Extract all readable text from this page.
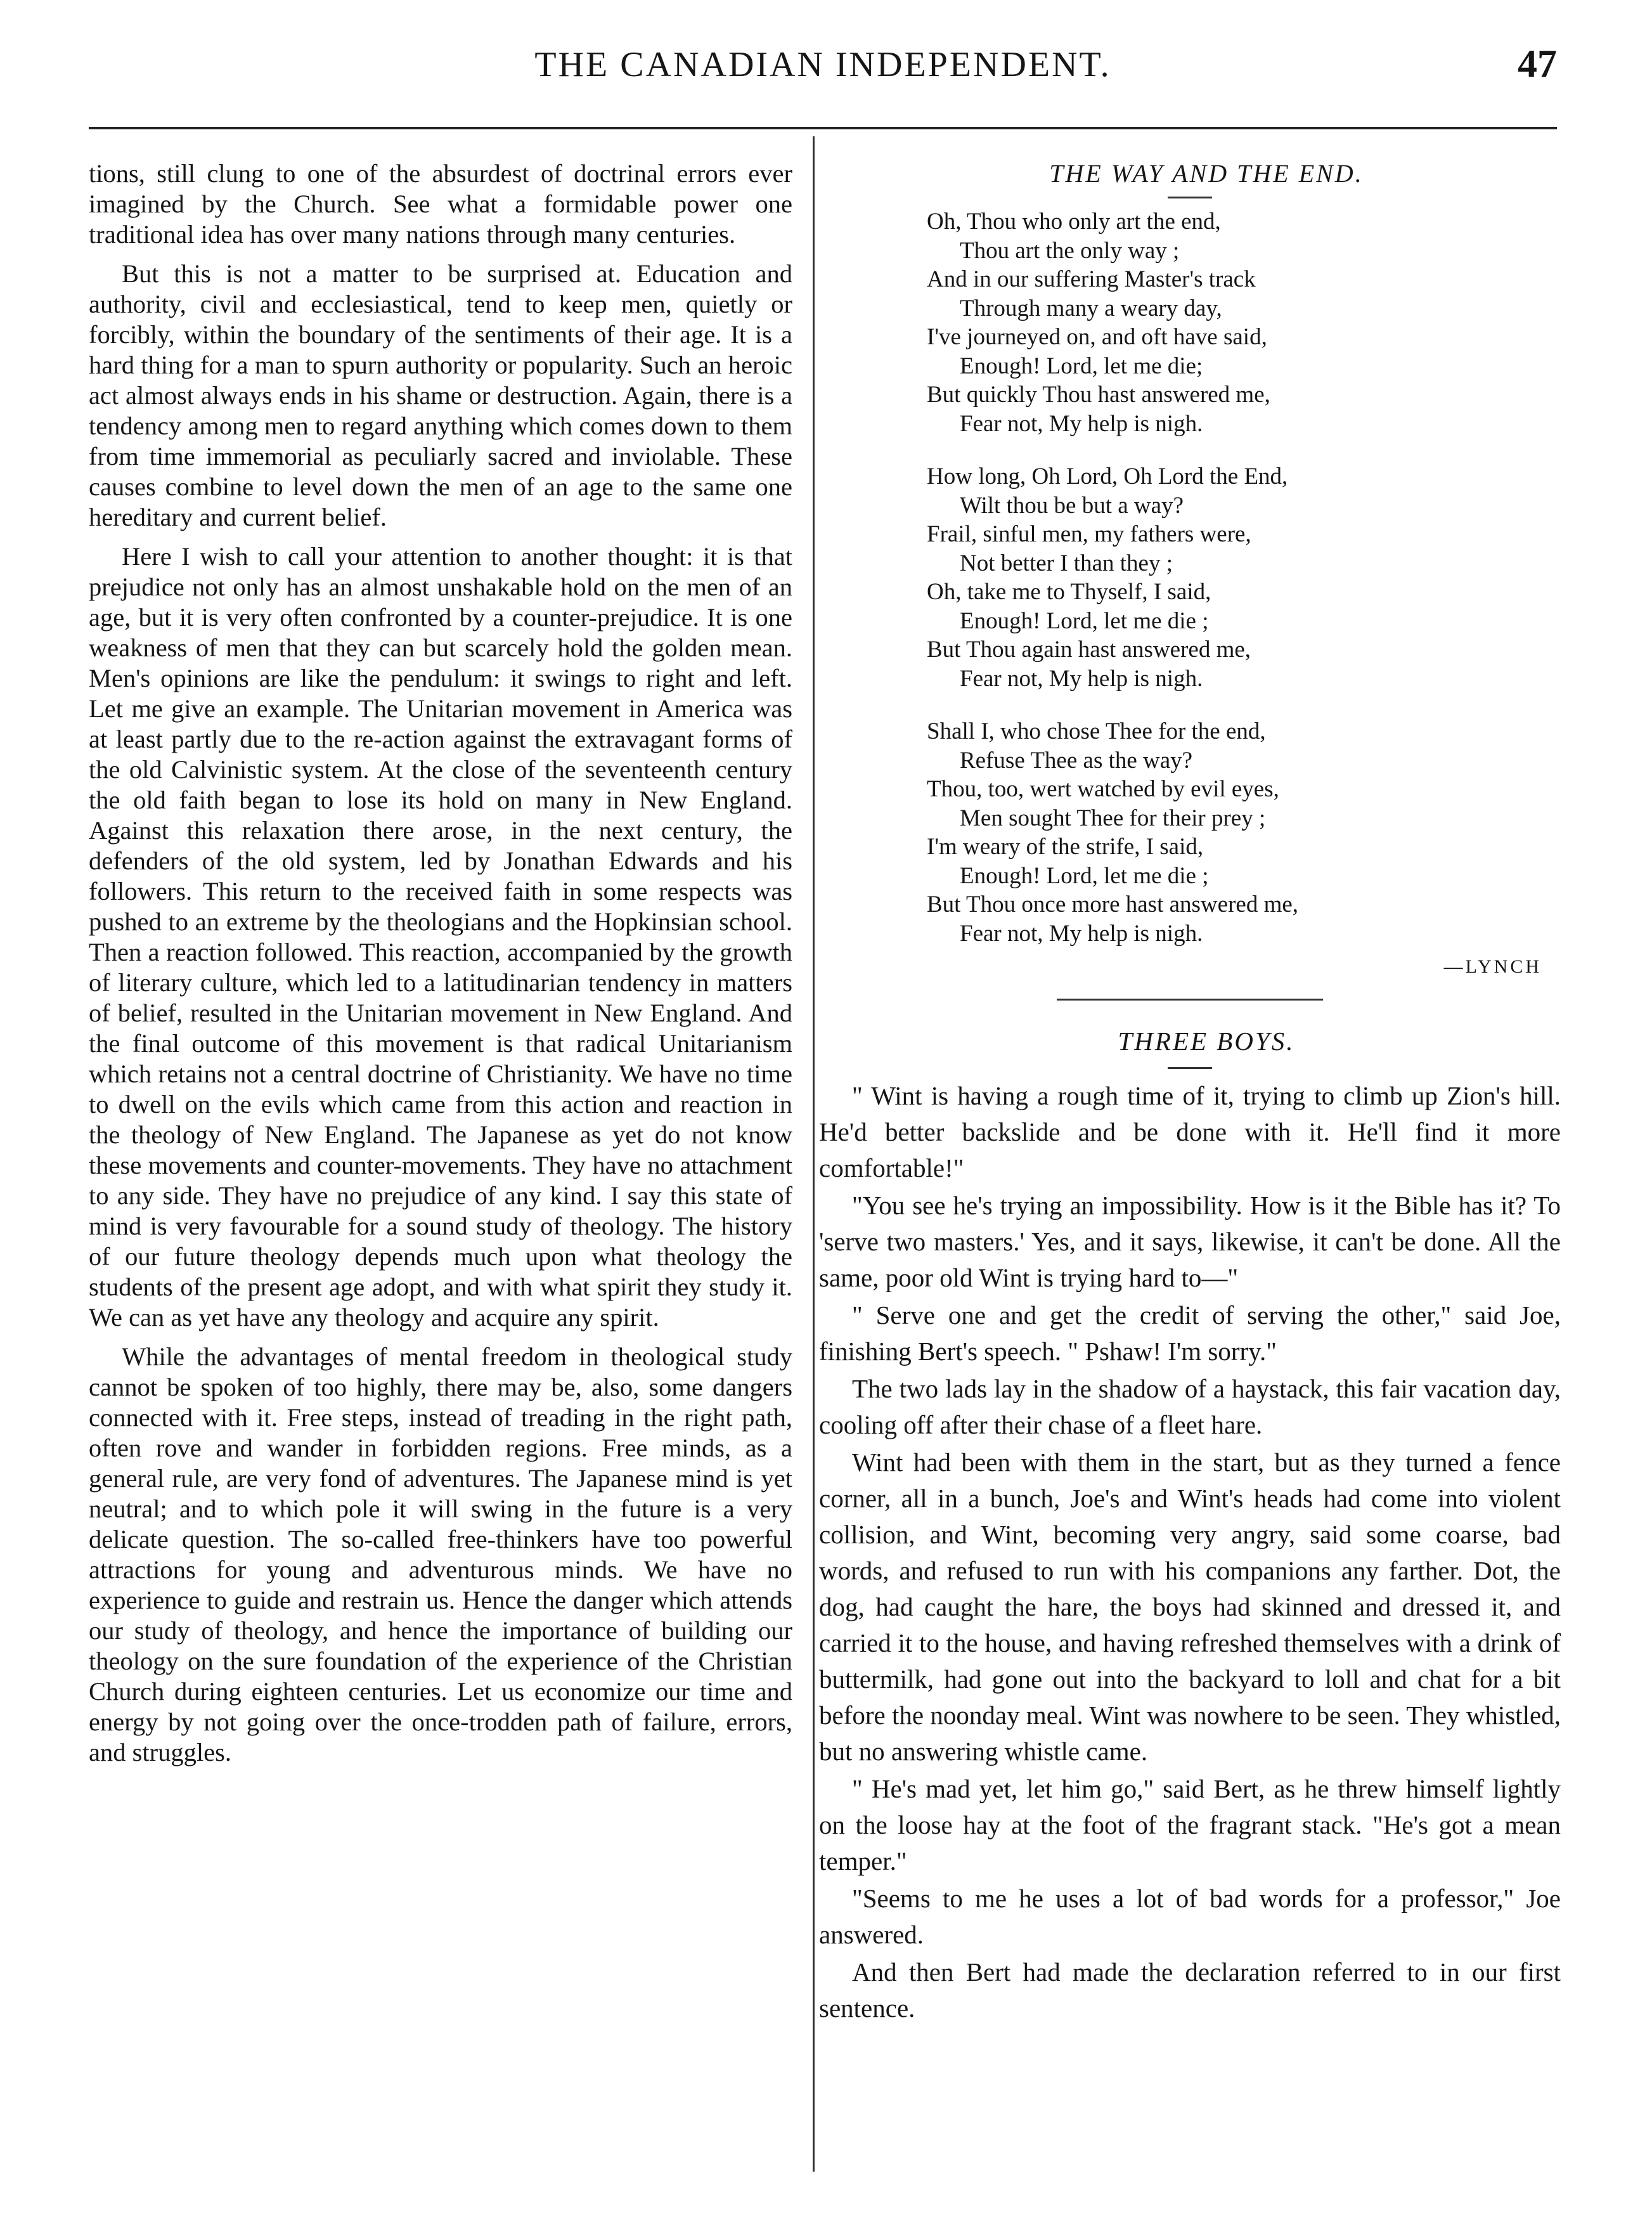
THE CANADIAN INDEPENDENT.	47

tions, still clung to one of the absurdest of doctrinal errors ever imagined by the Church. See what a formidable power one traditional idea has over many nations through many centuries.

But this is not a matter to be surprised at. Education and authority, civil and ecclesiastical, tend to keep men, quietly or forcibly, within the boundary of the sentiments of their age. It is a hard thing for a man to spurn authority or popularity. Such an heroic act almost always ends in his shame or destruction. Again, there is a tendency among men to regard anything which comes down to them from time immemorial as peculiarly sacred and inviolable. These causes combine to level down the men of an age to the same one hereditary and current belief.

Here I wish to call your attention to another thought: it is that prejudice not only has an almost unshakable hold on the men of an age, but it is very often confronted by a counter-prejudice. It is one weakness of men that they can but scarcely hold the golden mean. Men's opinions are like the pendulum: it swings to right and left. Let me give an example. The Unitarian movement in America was at least partly due to the re-action against the extravagant forms of the old Calvinistic system. At the close of the seventeenth century the old faith began to lose its hold on many in New England. Against this relaxation there arose, in the next century, the defenders of the old system, led by Jonathan Edwards and his followers. This return to the received faith in some respects was pushed to an extreme by the theologians and the Hopkinsian school. Then a reaction followed. This reaction, accompanied by the growth of literary culture, which led to a latitudinarian tendency in matters of belief, resulted in the Unitarian movement in New England. And the final outcome of this movement is that radical Unitarianism which retains not a central doctrine of Christianity. We have no time to dwell on the evils which came from this action and reaction in the theology of New England. The Japanese as yet do not know these movements and counter-movements. They have no attachment to any side. They have no prejudice of any kind. I say this state of mind is very favourable for a sound study of theology. The history of our future theology depends much upon what theology the students of the present age adopt, and with what spirit they study it. We can as yet have any theology and acquire any spirit.

While the advantages of mental freedom in theological study cannot be spoken of too highly, there may be, also, some dangers connected with it. Free steps, instead of treading in the right path, often rove and wander in forbidden regions. Free minds, as a general rule, are very fond of adventures. The Japanese mind is yet neutral; and to which pole it will swing in the future is a very delicate question. The so-called free-thinkers have too powerful attractions for young and adventurous minds. We have no experience to guide and restrain us. Hence the danger which attends our study of theology, and hence the importance of building our theology on the sure foundation of the experience of the Christian Church during eighteen centuries. Let us economize our time and energy by not going over the once-trodden path of failure, errors, and struggles.

THE WAY AND THE END.

Oh, Thou who only art the end,
Thou art the only way ;
And in our suffering Master's track
Through many a weary day,
I've journeyed on, and oft have said,
Enough! Lord, let me die;
But quickly Thou hast answered me,
Fear not, My help is nigh.
How long, Oh Lord, Oh Lord the End,
Wilt thou be but a way?
Frail, sinful men, my fathers were,
Not better I than they ;
Oh, take me to Thyself, I said,
Enough! Lord, let me die ;
But Thou again hast answered me,
Fear not, My help is nigh.
Shall I, who chose Thee for the end,
Refuse Thee as the way?
Thou, too, wert watched by evil eyes,
Men sought Thee for their prey ;
I'm weary of the strife, I said,
Enough! Lord, let me die ;
But Thou once more hast answered me,
Fear not, My help is nigh.
—LYNCH

THREE BOYS.

" Wint is having a rough time of it, trying to climb up Zion's hill. He'd better backslide and be done with it. He'll find it more comfortable!"

"You see he's trying an impossibility. How is it the Bible has it? To 'serve two masters.' Yes, and it says, likewise, it can't be done. All the same, poor old Wint is trying hard to—"

" Serve one and get the credit of serving the other," said Joe, finishing Bert's speech. " Pshaw! I'm sorry."

The two lads lay in the shadow of a haystack, this fair vacation day, cooling off after their chase of a fleet hare.

Wint had been with them in the start, but as they turned a fence corner, all in a bunch, Joe's and Wint's heads had come into violent collision, and Wint, becoming very angry, said some coarse, bad words, and refused to run with his companions any farther. Dot, the dog, had caught the hare, the boys had skinned and dressed it, and carried it to the house, and having refreshed themselves with a drink of buttermilk, had gone out into the backyard to loll and chat for a bit before the noonday meal. Wint was nowhere to be seen. They whistled, but no answering whistle came.

" He's mad yet, let him go," said Bert, as he threw himself lightly on the loose hay at the foot of the fragrant stack. "He's got a mean temper."

"Seems to me he uses a lot of bad words for a professor," Joe answered.

And then Bert had made the declaration referred to in our first sentence.
